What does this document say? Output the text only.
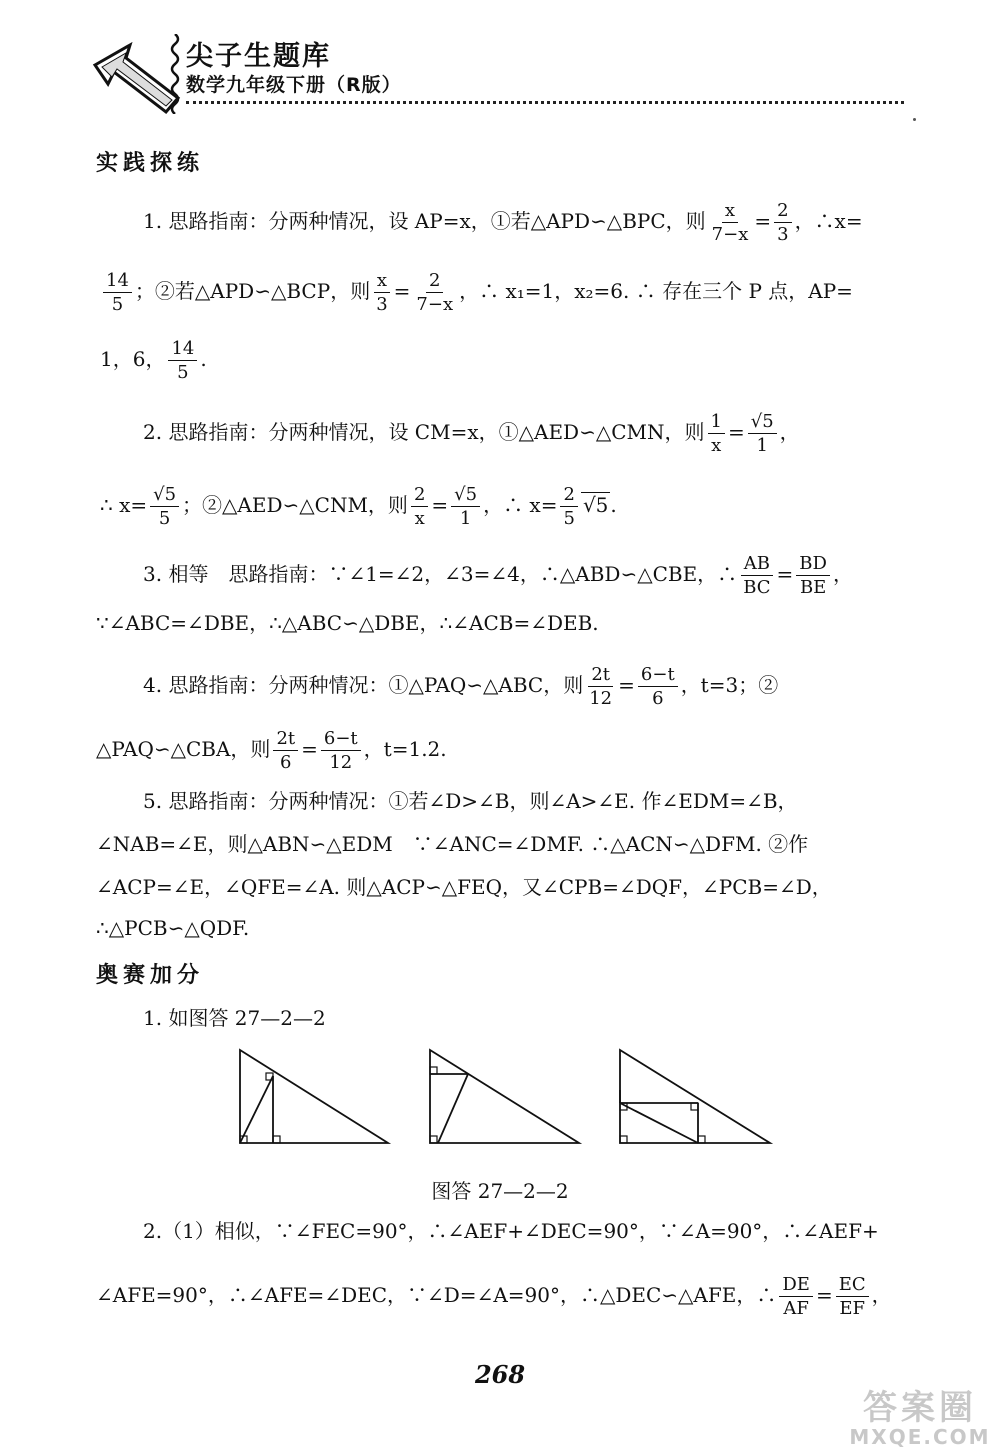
尖子生题库
数学九年级下册（R版）
实践探练
1. 思路指南：分两种情况，设 AP=x，①若△APD∽△BPC，则 $\frac{x}{7-x} = \frac{2}{3}$ ，∴x=
$\frac{14}{5}$ ；②若△APD∽△BCP，则 $\frac{x}{3} = \frac{2}{7-x}$ ，∴ x₁=1，x₂=6. ∴ 存在三个 P 点，AP=
1，6， $\frac{14}{5}$ .
2. 思路指南：分两种情况，设 CM=x，①△AED∽△CMN，则 $\frac{1}{x} = \frac{√5}{1}$ ，
∴ $x= \frac{√5}{5}$ ；②△AED∽△CNM，则 $\frac{2}{x} = \frac{√5}{1}$ ，∴ $x= \frac{2}{5} √5$ .
3. 相等　思路指南：∵∠1=∠2，∠3=∠4，∴△ABD∽△CBE，∴ $\frac{AB}{BC} = \frac{BD}{BE}$ ，
∵∠ABC=∠DBE，∴△ABC∽△DBE，∴∠ACB=∠DEB.
4. 思路指南：分两种情况：①△PAQ∽△ABC，则 $\frac{2t}{12} = \frac{6-t}{6}$ ，t=3；②
△PAQ∽△CBA，则 $\frac{2t}{6} = \frac{6-t}{12}$ ，t=1.2.
5. 思路指南：分两种情况：①若∠D>∠B，则∠A>∠E. 作∠EDM=∠B，
∠NAB=∠E，则△ABN∽△EDM　∵∠ANC=∠DMF. ∴△ACN∽△DFM. ②作
∠ACP=∠E，∠QFE=∠A. 则△ACP∽△FEQ，又∠CPB=∠DQF，∠PCB=∠D，
∴△PCB∽△QDF.
奥赛加分
1. 如图答 27—2—2
图答 27—2—2
2.（1）相似，∵∠FEC=90°，∴∠AEF+∠DEC=90°，∵∠A=90°，∴∠AEF+
∠AFE=90°，∴∠AFE=∠DEC，∵∠D=∠A=90°，∴△DEC∽△AFE，∴ $\frac{DE}{AF} = \frac{EC}{EF}$ ，
268
答案圈
MXQE.COM
